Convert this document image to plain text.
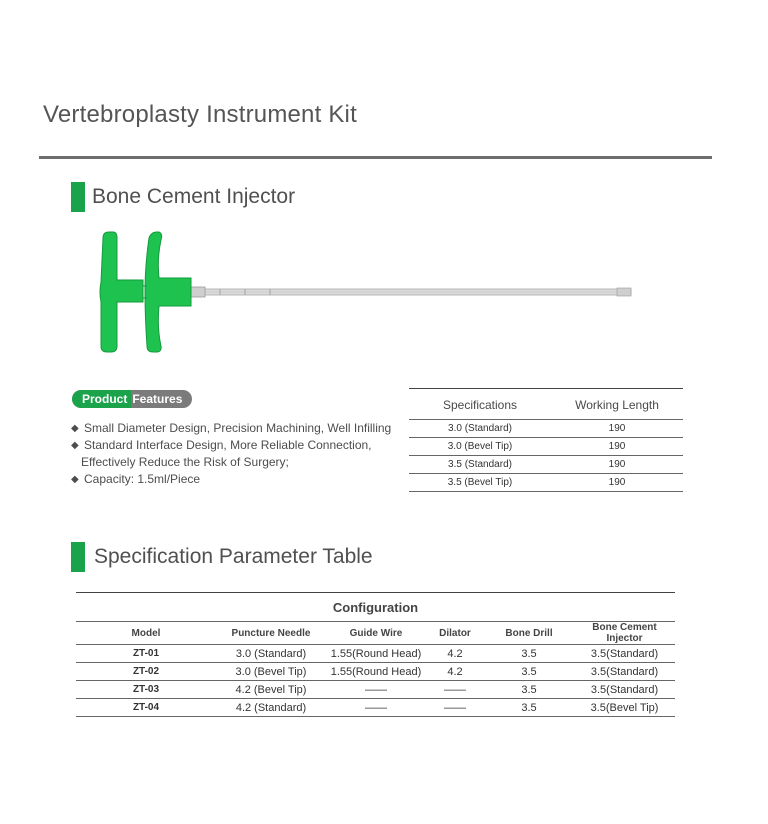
Vertebroplasty Instrument Kit
Bone Cement Injector
Product Features
◆ Small Diameter Design, Precision Machining, Well Infilling
◆ Standard Interface Design, More Reliable Connection,
Effectively Reduce the Risk of Surgery;
◆ Capacity: 1.5ml/Piece
Specifications	Working Length
3.0 (Standard)	190
3.0 (Bevel Tip)	190
3.5 (Standard)	190
3.5 (Bevel Tip)	190
Specification Parameter Table
Configuration					
Model	Puncture Needle	Guide Wire	Dilator	Bone Drill	Bone Cement Injector
ZT-01	3.0 (Standard)	1.55(Round Head)	4.2	3.5	3.5(Standard)
ZT-02	3.0 (Bevel Tip)	1.55(Round Head)	4.2	3.5	3.5(Standard)
ZT-03	4.2 (Bevel Tip)	——	——	3.5	3.5(Standard)
ZT-04	4.2 (Standard)	——	——	3.5	3.5(Bevel Tip)
